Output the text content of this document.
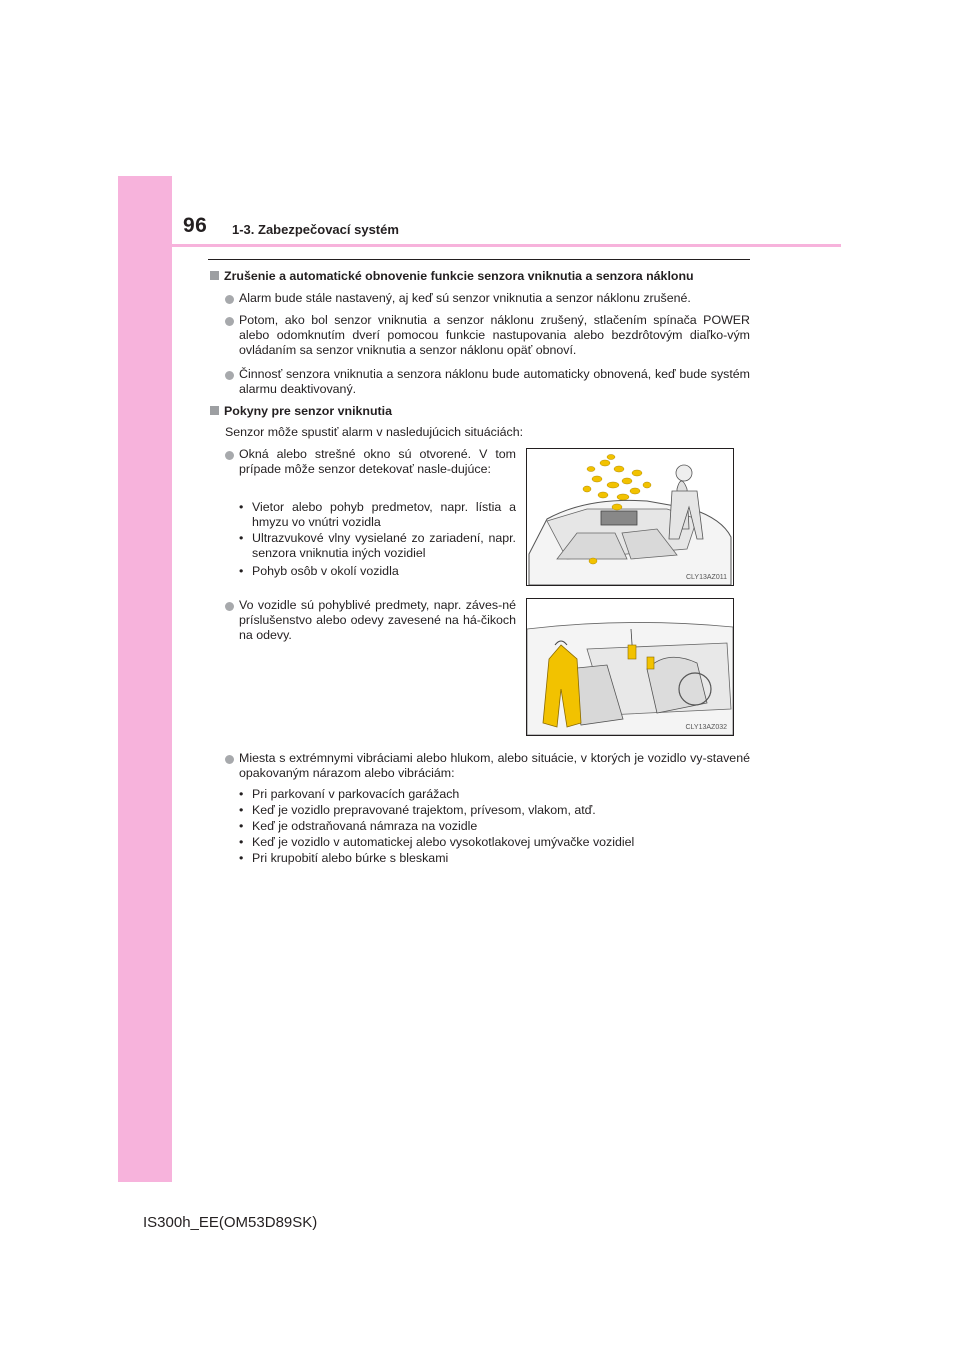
96 1-3. Zabezpečovací systém
Zrušenie a automatické obnovenie funkcie senzora vniknutia a senzora náklonu
Alarm bude stále nastavený, aj keď sú senzor vniknutia a senzor náklonu zrušené.
Potom, ako bol senzor vniknutia a senzor náklonu zrušený, stlačením spínača POWER alebo odomknutím dverí pomocou funkcie nastupovania alebo bezdrôtovým diaľko-vým ovládaním sa senzor vniknutia a senzor náklonu opäť obnoví.
Činnosť senzora vniknutia a senzora náklonu bude automaticky obnovená, keď bude systém alarmu deaktivovaný.
Pokyny pre senzor vniknutia
Senzor môže spustiť alarm v nasledujúcich situáciách:
Okná alebo strešné okno sú otvorené. V tom prípade môže senzor detekovať nasle-dujúce:
• Vietor alebo pohyb predmetov, napr. lístia a hmyzu vo vnútri vozidla
• Ultrazvukové vlny vysielané zo zariadení, napr. senzora vniknutia iných vozidiel
• Pohyb osôb v okolí vozidla	CLY13AZ011
Vo vozidle sú pohyblivé predmety, napr. záves-né príslušenstvo alebo odevy zavesené na há-čikoch na odevy.
CLY13AZ032
Miesta s extrémnymi vibráciami alebo hlukom, alebo situácie, v ktorých je vozidlo vy-stavené opakovaným nárazom alebo vibráciám:
• Pri parkovaní v parkovacích garážach
• Keď je vozidlo prepravované trajektom, prívesom, vlakom, atď.
• Keď je odstraňovaná námraza na vozidle
• Keď je vozidlo v automatickej alebo vysokotlakovej umývačke vozidiel
• Pri krupobití alebo búrke s bleskami
IS300h_EE(OM53D89SK)
